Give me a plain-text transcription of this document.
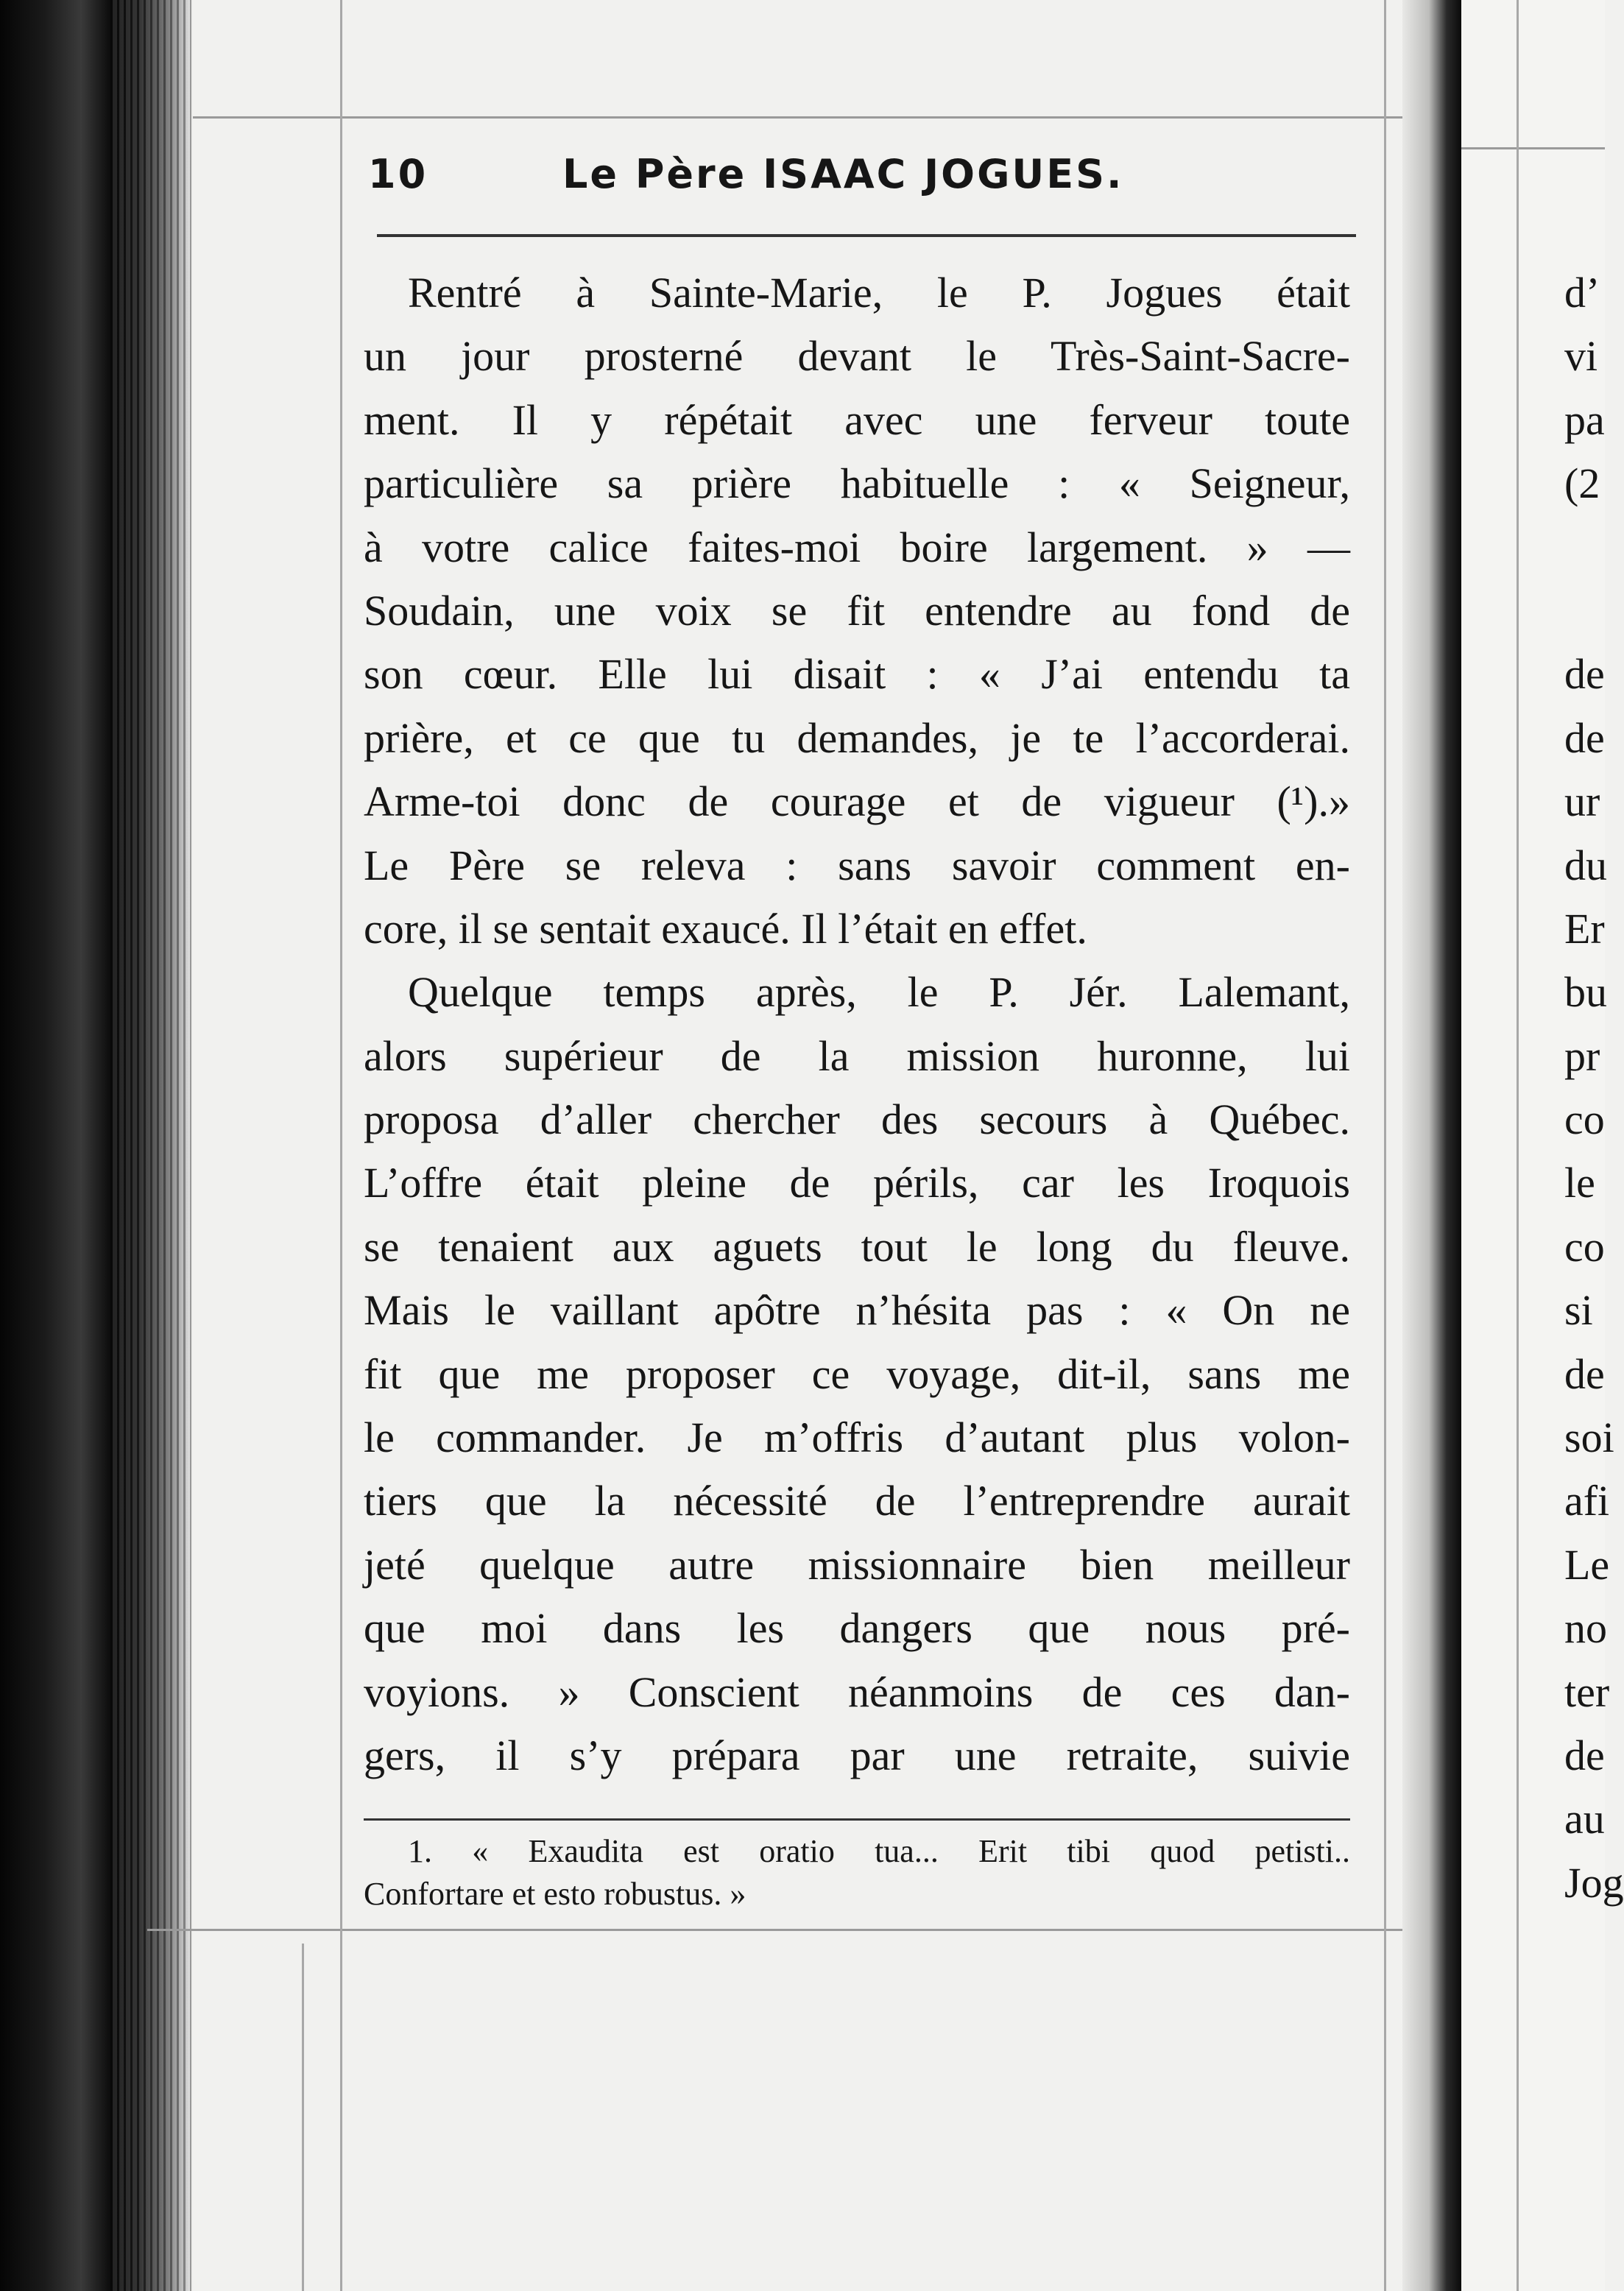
10	Le Père ISAAC JOGUES.
Rentré à Sainte-Marie, le P. Jogues était
un jour prosterné devant le Très-Saint-Sacre-
ment. Il y répétait avec une ferveur toute
particulière sa prière habituelle : « Seigneur,
à votre calice faites-moi boire largement. » —
Soudain, une voix se fit entendre au fond de
son cœur. Elle lui disait : « J’ai entendu ta
prière, et ce que tu demandes, je te l’accorderai.
Arme-toi donc de courage et de vigueur (¹).»
Le Père se releva : sans savoir comment en-
core, il se sentait exaucé. Il l’était en effet.
Quelque temps après, le P. Jér. Lalemant,
alors supérieur de la mission huronne, lui
proposa d’aller chercher des secours à Québec.
L’offre était pleine de périls, car les Iroquois
se tenaient aux aguets tout le long du fleuve.
Mais le vaillant apôtre n’hésita pas : « On ne
fit que me proposer ce voyage, dit-il, sans me
le commander. Je m’offris d’autant plus volon-
tiers que la nécessité de l’entreprendre aurait
jeté quelque autre missionnaire bien meilleur
que moi dans les dangers que nous pré-
voyions. » Conscient néanmoins de ces dan-
gers, il s’y prépara par une retraite, suivie
1. « Exaudita est oratio tua... Erit tibi quod petisti..
Confortare et esto robustus. »
d’
vi
pa
(2
de
de
ur
du
Er
bu
pr
co
le
co
si
de
soi
afi
Le
no
ter
de
au
Jog
